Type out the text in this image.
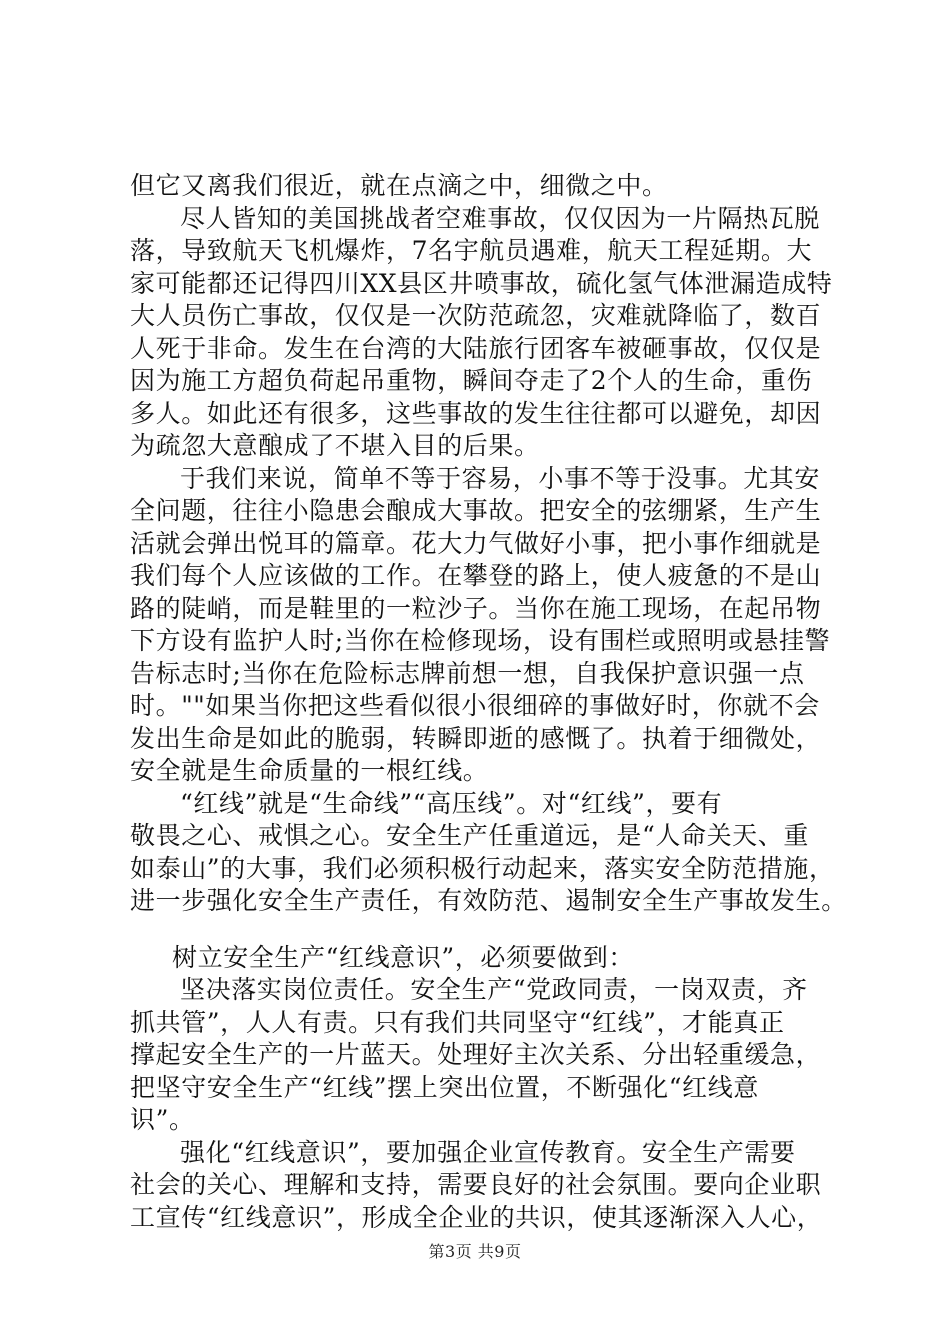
但它又离我们很近，就在点滴之中，细微之中。
尽人皆知的美国挑战者空难事故，仅仅因为一片隔热瓦脱
落，导致航天飞机爆炸，7名宇航员遇难，航天工程延期。大
家可能都还记得四川XX县区井喷事故，硫化氢气体泄漏造成特
大人员伤亡事故，仅仅是一次防范疏忽，灾难就降临了，数百
人死于非命。发生在台湾的大陆旅行团客车被砸事故，仅仅是
因为施工方超负荷起吊重物，瞬间夺走了2个人的生命，重伤
多人。如此还有很多，这些事故的发生往往都可以避免，却因
为疏忽大意酿成了不堪入目的后果。
于我们来说，简单不等于容易，小事不等于没事。尤其安
全问题，往往小隐患会酿成大事故。把安全的弦绷紧，生产生
活就会弹出悦耳的篇章。花大力气做好小事，把小事作细就是
我们每个人应该做的工作。在攀登的路上，使人疲惫的不是山
路的陡峭，而是鞋里的一粒沙子。当你在施工现场，在起吊物
下方设有监护人时;当你在检修现场，设有围栏或照明或悬挂警
告标志时;当你在危险标志牌前想一想，自我保护意识强一点
时。""如果当你把这些看似很小很细碎的事做好时，你就不会
发出生命是如此的脆弱，转瞬即逝的感慨了。执着于细微处，
安全就是生命质量的一根红线。
“红线”就是“生命线”“高压线”。对“红线”，要有
敬畏之心、戒惧之心。安全生产任重道远，是“人命关天、重
如泰山”的大事，我们必须积极行动起来，落实安全防范措施，
进一步强化安全生产责任，有效防范、遏制安全生产事故发生。
树立安全生产“红线意识”，必须要做到：
坚决落实岗位责任。安全生产“党政同责，一岗双责，齐
抓共管”，人人有责。只有我们共同坚守“红线”，才能真正
撑起安全生产的一片蓝天。处理好主次关系、分出轻重缓急，
把坚守安全生产“红线”摆上突出位置，不断强化“红线意
识”。
强化“红线意识”，要加强企业宣传教育。安全生产需要
社会的关心、理解和支持，需要良好的社会氛围。要向企业职
工宣传“红线意识”，形成全企业的共识，使其逐渐深入人心，
第3页 共9页
